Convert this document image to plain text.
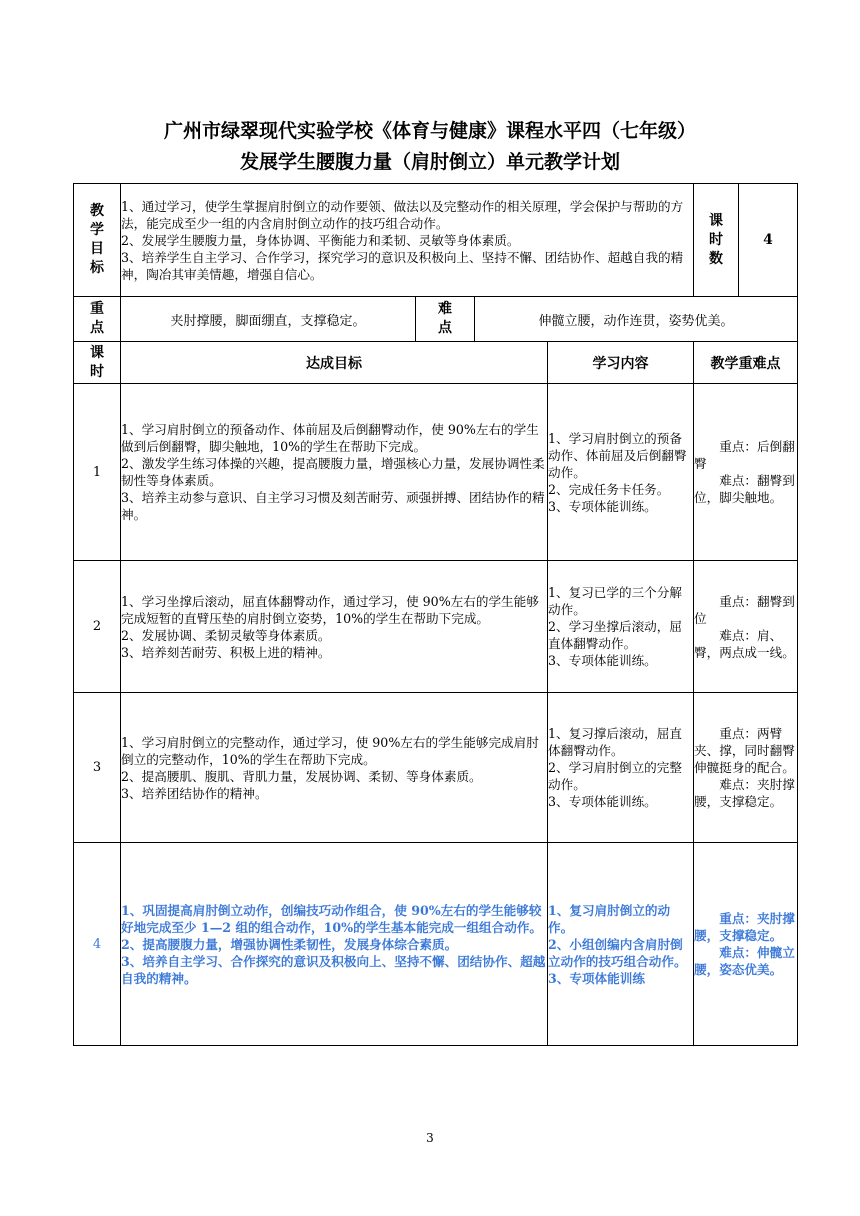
广州市绿翠现代实验学校《体育与健康》课程水平四（七年级）
发展学生腰腹力量（肩肘倒立）单元教学计划
教
学
目
标	1、通过学习，使学生掌握肩肘倒立的动作要领、做法以及完整动作的相关原理，学会保护与帮助的方法，能完成至少一组的内含肩肘倒立动作的技巧组合动作。
2、发展学生腰腹力量，身体协调、平衡能力和柔韧、灵敏等身体素质。
3、培养学生自主学习、合作学习，探究学习的意识及积极向上、坚持不懈、团结协作、超越自我的精神，陶冶其审美情趣，增强自信心。				课
时
数	4

重
点	夹肘撑腰，脚面绷直，支撑稳定。	难
点	伸髋立腰，动作连贯，姿势优美。			

课
时	达成目标			学习内容	教学重难点	
1	1、学习肩肘倒立的预备动作、体前屈及后倒翻臀动作，使 90%左右的学生做到后倒翻臀，脚尖触地，10%的学生在帮助下完成。
2、激发学生练习体操的兴趣，提高腰腹力量，增强核心力量，发展协调性柔韧性等身体素质。
3、培养主动参与意识、自主学习习惯及刻苦耐劳、顽强拼搏、团结协作的精神。			1、学习肩肘倒立的预备动作、体前屈及后倒翻臀动作。
2、完成任务卡任务。
3、专项体能训练。	重点：后倒翻臀
难点：翻臀到位，脚尖触地。	

2	1、学习坐撑后滚动，屈直体翻臀动作，通过学习，使 90%左右的学生能够完成短暂的直臂压垫的肩肘倒立姿势，10%的学生在帮助下完成。
2、发展协调、柔韧灵敏等身体素质。
3、培养刻苦耐劳、积极上进的精神。			1、复习已学的三个分解动作。
2、学习坐撑后滚动，屈直体翻臀动作。
3、专项体能训练。	重点：翻臀到位
难点：肩、臀，两点成一线。	

3	1、学习肩肘倒立的完整动作，通过学习，使 90%左右的学生能够完成肩肘倒立的完整动作，10%的学生在帮助下完成。
2、提高腰肌、腹肌、背肌力量，发展协调、柔韧、等身体素质。
3、培养团结协作的精神。			1、复习撑后滚动，屈直体翻臀动作。
2、学习肩肘倒立的完整动作。
3、专项体能训练。	重点：两臂夹、撑，同时翻臀伸髋挺身的配合。
难点：夹肘撑腰，支撑稳定。	

4	1、巩固提高肩肘倒立动作，创编技巧动作组合，使 90%左右的学生能够较好地完成至少 1—2 组的组合动作，10%的学生基本能完成一组组合动作。
2、提高腰腹力量，增强协调性柔韧性，发展身体综合素质。
3、培养自主学习、合作探究的意识及积极向上、坚持不懈、团结协作、超越自我的精神。			1、复习肩肘倒立的动作。
2、小组创编内含肩肘倒立动作的技巧组合动作。
3、专项体能训练	重点：夹肘撑腰，支撑稳定。
难点：伸髋立腰，姿态优美。	
3
